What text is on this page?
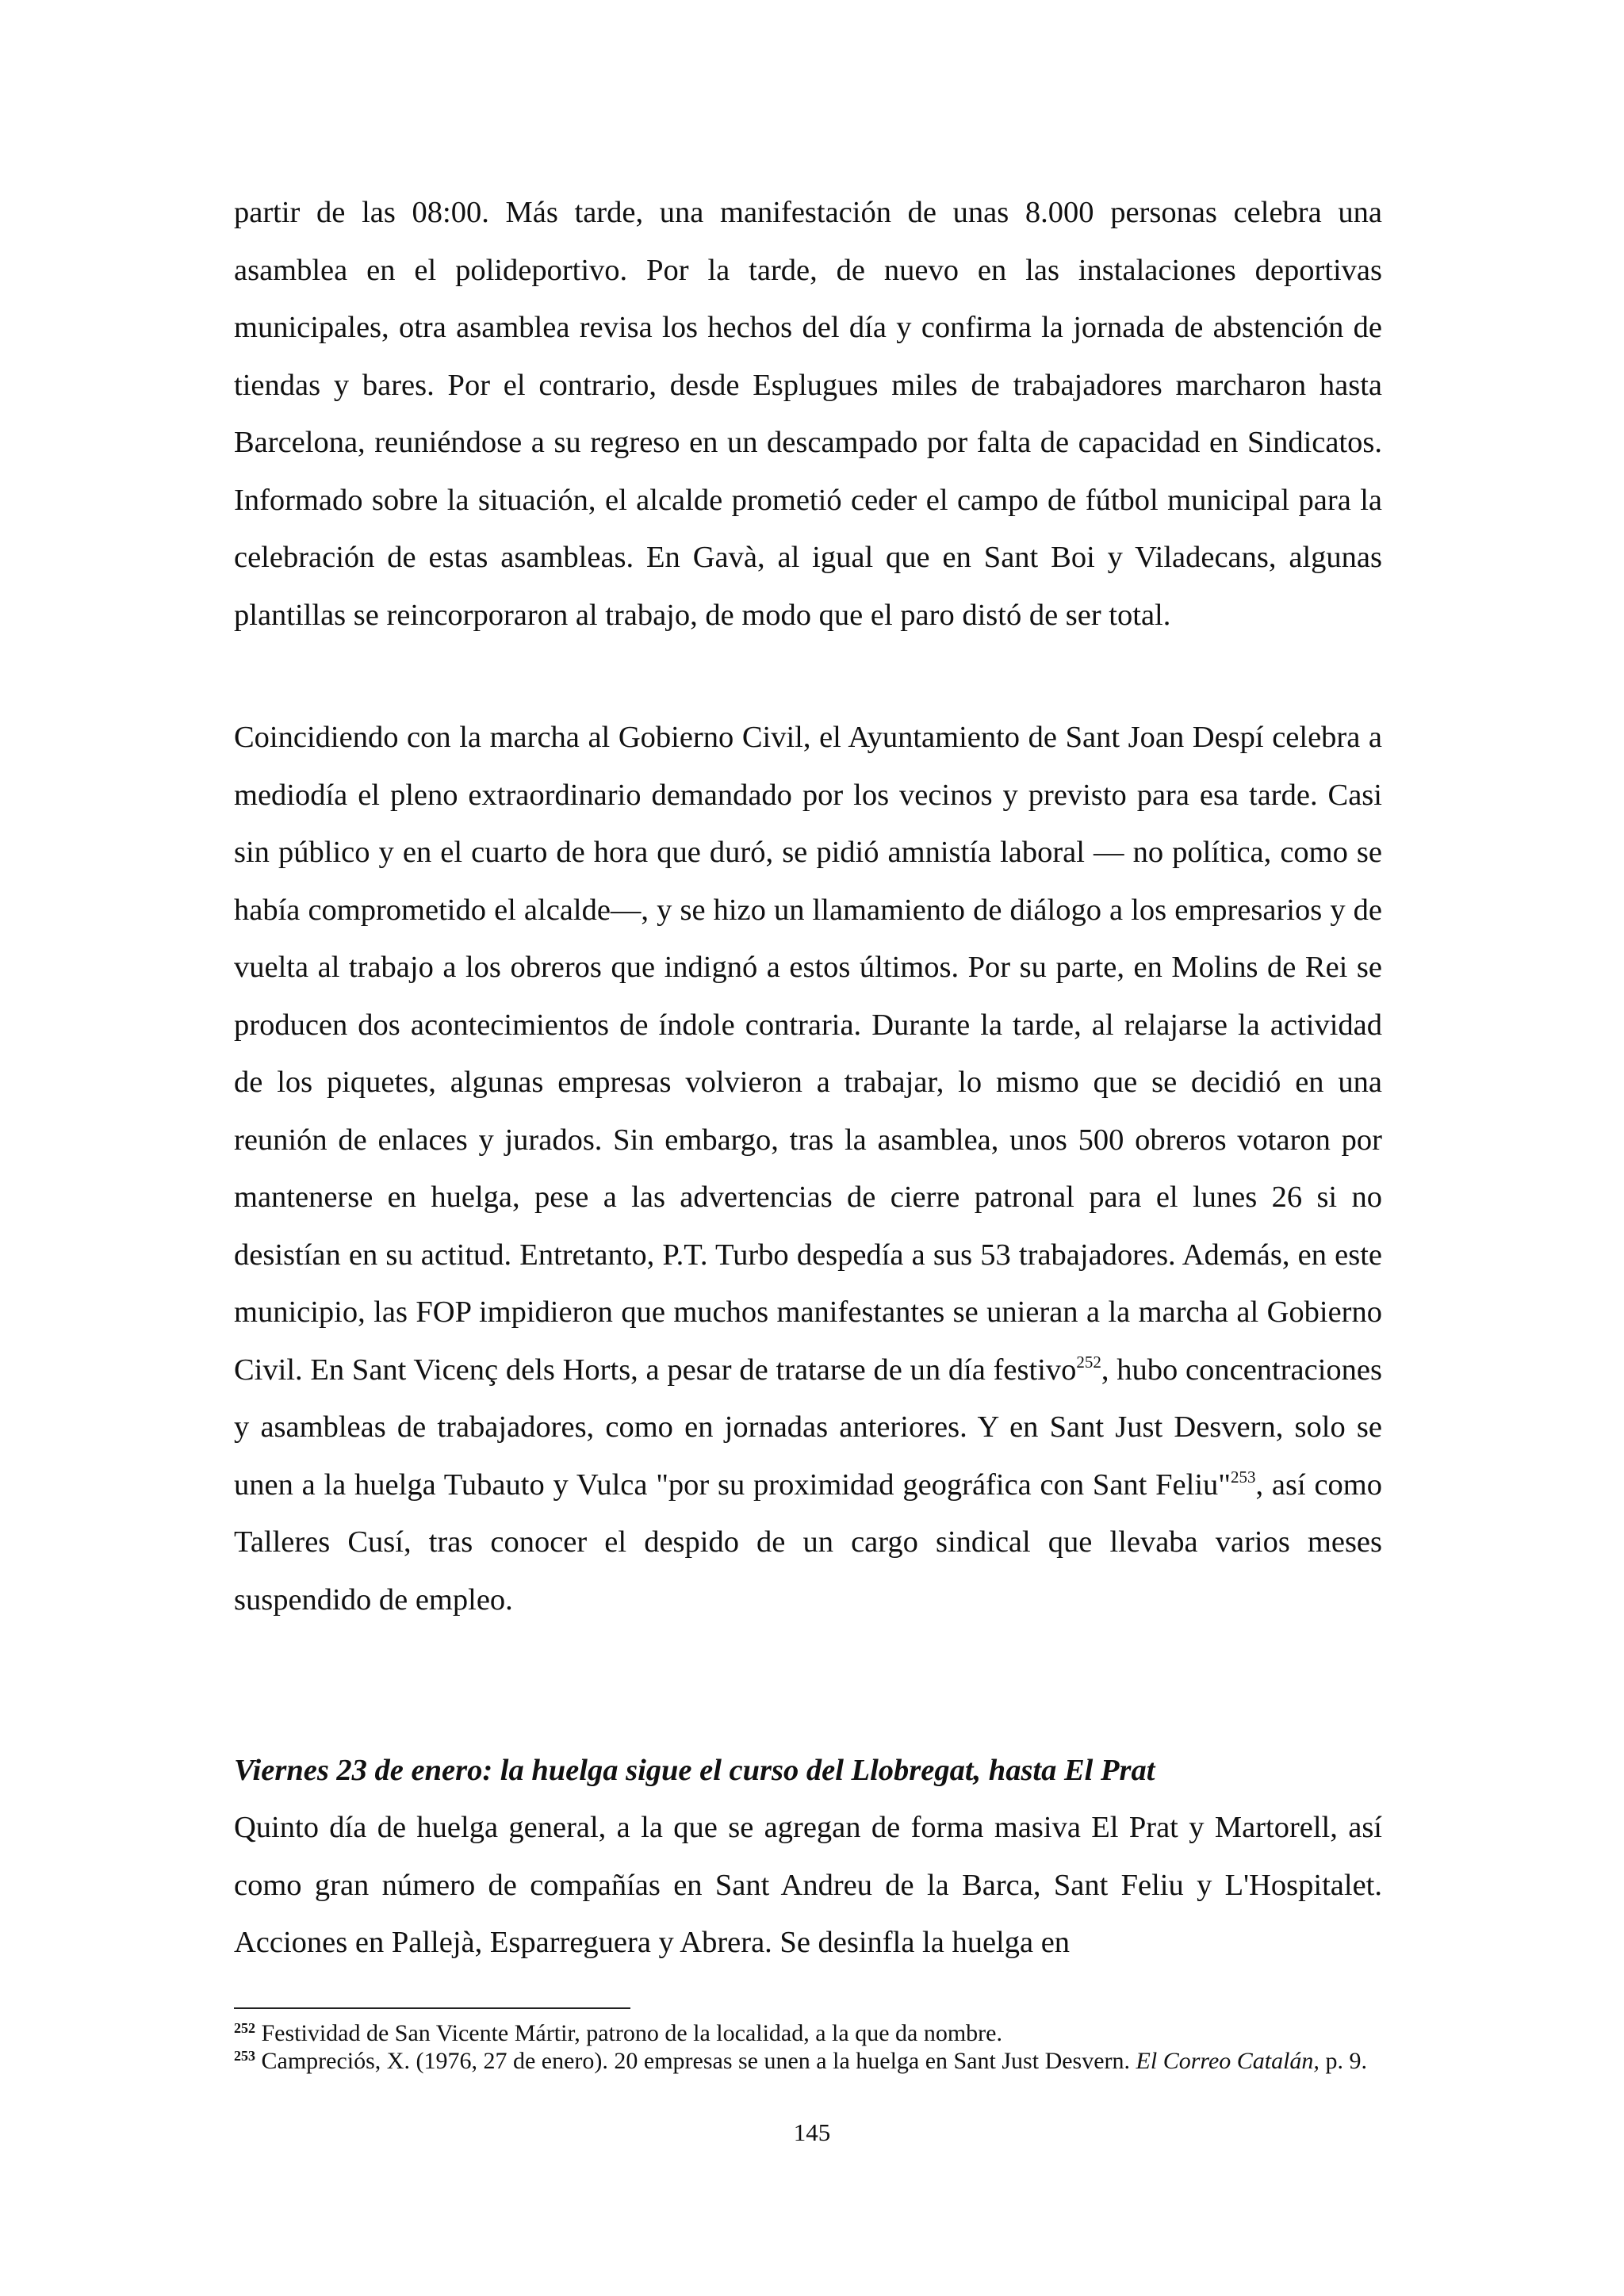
partir de las 08:00. Más tarde, una manifestación de unas 8.000 personas celebra una asamblea en el polideportivo. Por la tarde, de nuevo en las instalaciones deportivas municipales, otra asamblea revisa los hechos del día y confirma la jornada de abstención de tiendas y bares. Por el contrario, desde Esplugues miles de trabajadores marcharon hasta Barcelona, reuniéndose a su regreso en un descampado por falta de capacidad en Sindicatos. Informado sobre la situación, el alcalde prometió ceder el campo de fútbol municipal para la celebración de estas asambleas. En Gavà, al igual que en Sant Boi y Viladecans, algunas plantillas se reincorporaron al trabajo, de modo que el paro distó de ser total.

Coincidiendo con la marcha al Gobierno Civil, el Ayuntamiento de Sant Joan Despí celebra a mediodía el pleno extraordinario demandado por los vecinos y previsto para esa tarde. Casi sin público y en el cuarto de hora que duró, se pidió amnistía laboral — no política, como se había comprometido el alcalde—, y se hizo un llamamiento de diálogo a los empresarios y de vuelta al trabajo a los obreros que indignó a estos últimos. Por su parte, en Molins de Rei se producen dos acontecimientos de índole contraria. Durante la tarde, al relajarse la actividad de los piquetes, algunas empresas volvieron a trabajar, lo mismo que se decidió en una reunión de enlaces y jurados. Sin embargo, tras la asamblea, unos 500 obreros votaron por mantenerse en huelga, pese a las advertencias de cierre patronal para el lunes 26 si no desistían en su actitud. Entretanto, P.T. Turbo despedía a sus 53 trabajadores. Además, en este municipio, las FOP impidieron que muchos manifestantes se unieran a la marcha al Gobierno Civil. En Sant Vicenç dels Horts, a pesar de tratarse de un día festivo$^{252}$, hubo concentraciones y asambleas de trabajadores, como en jornadas anteriores. Y en Sant Just Desvern, solo se unen a la huelga Tubauto y Vulca "por su proximidad geográfica con Sant Feliu"$^{253}$, así como Talleres Cusí, tras conocer el despido de un cargo sindical que llevaba varios meses suspendido de empleo.

Viernes 23 de enero: la huelga sigue el curso del Llobregat, hasta El Prat

Quinto día de huelga general, a la que se agregan de forma masiva El Prat y Martorell, así como gran número de compañías en Sant Andreu de la Barca, Sant Feliu y L'Hospitalet. Acciones en Pallejà, Esparreguera y Abrera. Se desinfla la huelga en

$^{252}$ Festividad de San Vicente Mártir, patrono de la localidad, a la que da nombre.

$^{253}$ Campreciós, X. (1976, 27 de enero). 20 empresas se unen a la huelga en Sant Just Desvern. El Correo Catalán, p. 9.

145
